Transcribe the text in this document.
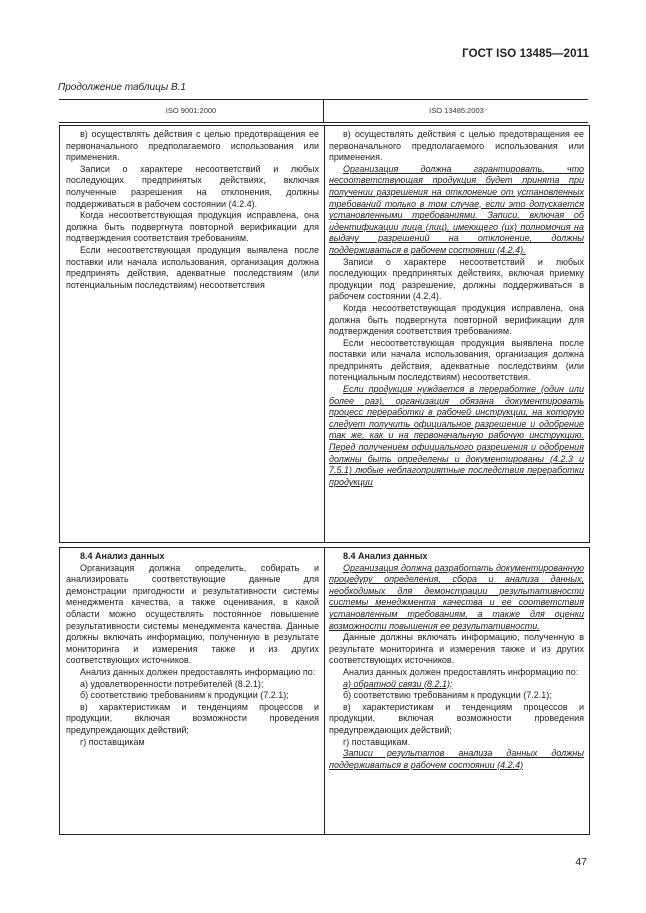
ГОСТ ISO 13485—2011
Продолжение таблицы В.1
ISO 9001:2000	ISO 13485:2003

в) осуществлять действия с целью предотвращения ее первоначального предполагаемого использования или применения.

Записи о характере несоответствий и любых последующих предпринятых действиях, включая полученные разрешения на отклонения, должны поддерживаться в рабочем состоянии (4.2.4).

Когда несоответствующая продукция исправлена, она должна быть подвергнута повторной верификации для подтверждения соответствия требованиям.

Если несоответствующая продукция выявлена после поставки или начала использования, организация должна предпринять действия, адекватные последствиям (или потенциальным последствиям) несоответствия

в) осуществлять действия с целью предотвращения ее первоначального предполагаемого использования или применения.

Организация должна гарантировать, что несоответствующая продукция будет принята при получении разрешения на отклонение от установленных требований только в том случае, если это допускается установленными требованиями. Записи, включая об идентификации лица (лиц), имеющего (их) полномочия на выдачу разрешений на отклонение, должны поддерживаться в рабочем состоянии (4.2.4).

Записи о характере несоответствий и любых последующих предпринятых действиях, включая приемку продукции под разрешение, должны поддерживаться в рабочем состоянии (4.2.4).

Когда несоответствующая продукция исправлена, она должна быть подвергнута повторной верификации для подтверждения соответствия требованиям.

Если несоответствующая продукция выявлена после поставки или начала использования, организация должна предпринять действия, адекватные последствиям (или потенциальным последствиям) несоответствия.

Если продукция нуждается в переработке (один или более раз), организация обязана документировать процесс переработки в рабочей инструкции, на которую следует получить официальное разрешение и одобрение так же, как и на первоначальную рабочую инструкцию. Перед получением официального разрешения и одобрения должны быть определены и документированы (4.2.3 и 7.5.1) любые неблагоприятные последствия переработки продукции

8.4 Анализ данных

Организация должна определить, собирать и анализировать соответствующие данные для демонстрации пригодности и результативности системы менеджмента качества, а также оценивания, в какой области можно осуществлять постоянное повышение результативности системы менеджмента качества. Данные должны включать информацию, полученную в результате мониторинга и измерения также и из других соответствующих источников.

Анализ данных должен предоставлять информацию по:

а) удовлетворенности потребителей (8.2.1);

б) соответствию требованиям к продукции (7.2.1);

в) характеристикам и тенденциям процессов и продукции, включая возможности проведения предупреждающих действий;

г) поставщикам

8.4 Анализ данных

Организация должна разработать документированную процедуру определения, сбора и анализа данных, необходимых для демонстрации результативности системы менеджмента качества и ее соответствия установленным требованиям, а также для оценки возможности повышения ее результативности.

Данные должны включать информацию, полученную в результате мониторинга и измерения также и из других соответствующих источников.

Анализ данных должен предоставлять информацию по:

а) обратной связи (8.2.1);

б) соответствию требованиям к продукции (7.2.1);

в) характеристикам и тенденциям процессов и продукции, включая возможности проведения предупреждающих действий;

г) поставщикам.

Записи результатов анализа данных должны поддерживаться в рабочем состоянии (4.2.4)

47
